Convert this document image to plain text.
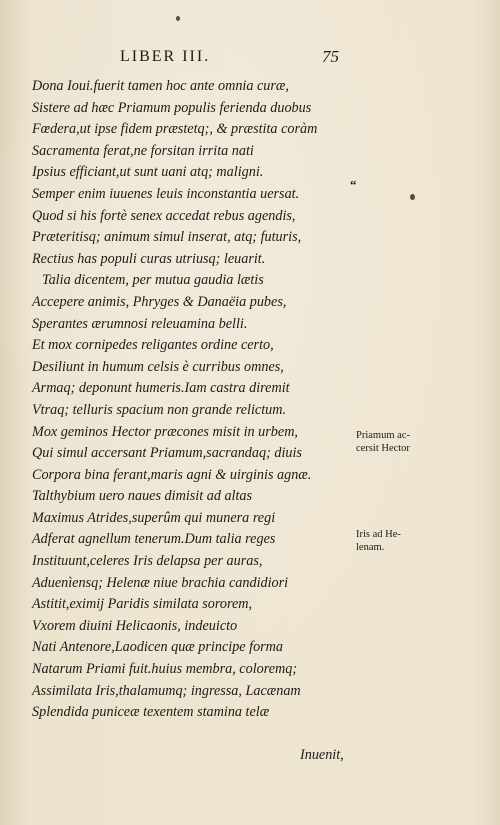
LIBER III.	75
“
Dona Ioui.fuerit tamen hoc ante omnia curæ,
Sistere ad hæc Priamum populis ferienda duobus
Fœdera,ut ipse fidem præstetq;, & præstita coràm
Sacramenta ferat,ne forsitan irrita nati
Ipsius efficiant,ut sunt uani atq; maligni.
Semper enim iuuenes leuis inconstantia uersat.
Quod si his fortè senex accedat rebus agendis,
Præteritisq; animum simul inserat, atq; futuris,
Rectius has populi curas utriusq; leuarit.
Talia dicentem, per mutua gaudia lætis
Accepere animis, Phryges & Danaëia pubes,
Sperantes ærumnosi releuamina belli.
Et mox cornipedes religantes ordine certo,
Desiliunt in humum celsis è curribus omnes,
Armaq; deponunt humeris.Iam castra diremit
Vtraq; telluris spacium non grande relictum.
Mox geminos Hector præcones misit in urbem,
Qui simul accersant Priamum,sacrandaq; diuis
Corpora bina ferant,maris agni & uirginis agnæ.
Talthybium uero naues dimisit ad altas
Maximus Atrides,superûm qui munera regi
Adferat agnellum tenerum.Dum talia reges
Instituunt,celeres Iris delapsa per auras,
Aduenìensq; Helenæ niue brachia candidiori
Astitit,eximij Paridis similata sororem,
Vxorem diuini Helicaonis, indeuicto
Nati Antenore,Laodicen quæ principe forma
Natarum Priami fuit.huius membra, coloremq;
Assimilata Iris,thalamumq; ingressa, Lacænam
Splendida puniceæ texentem stamina telæ
Inuenit,
Priamum ac-
cersit Hector
Iris ad He-
lenam.
